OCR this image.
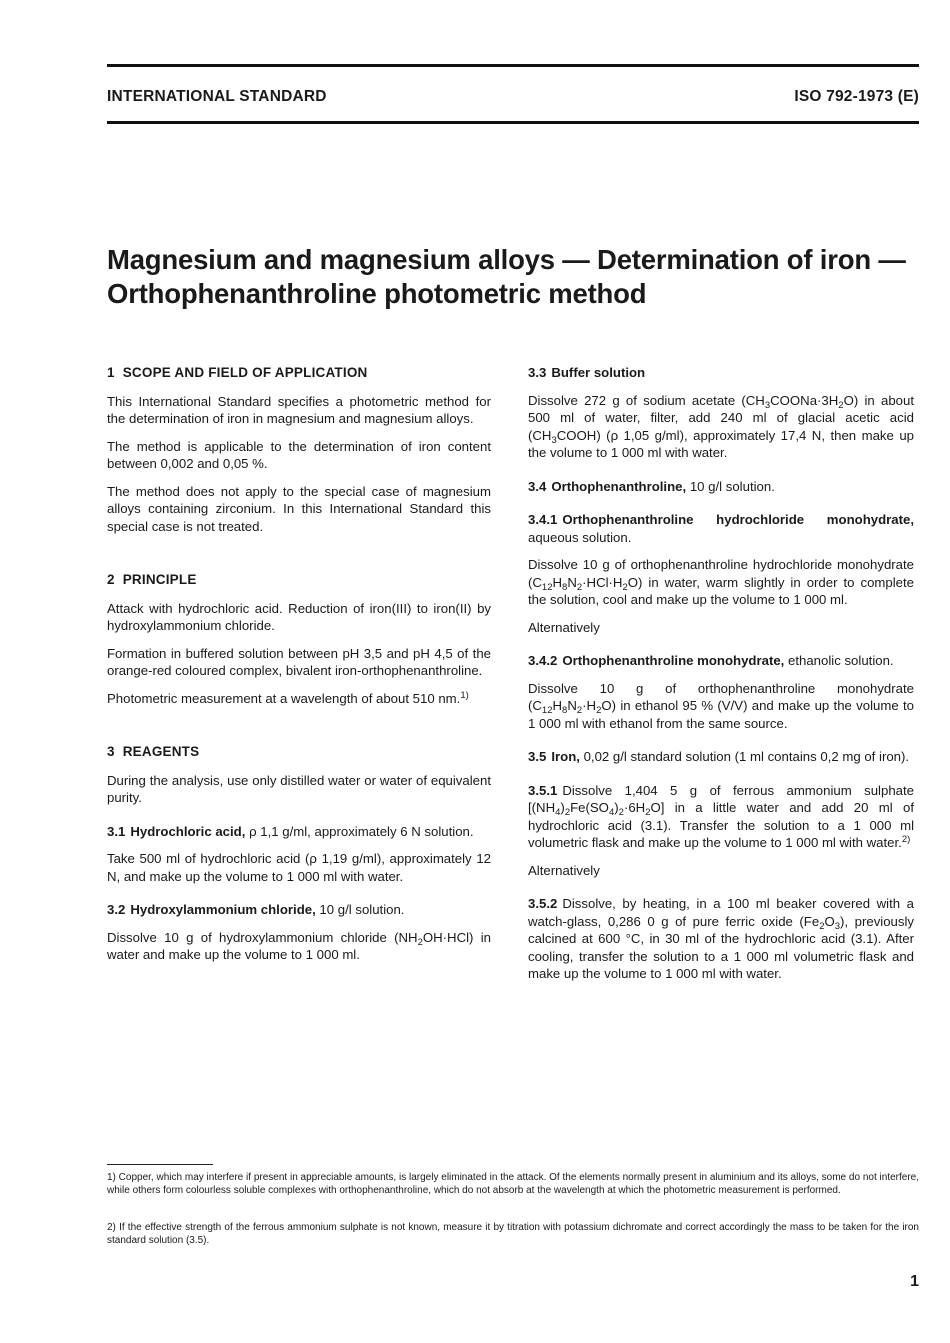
INTERNATIONAL STANDARD	ISO 792-1973 (E)
Magnesium and magnesium alloys — Determination of iron —
Orthophenanthroline photometric method
1 SCOPE AND FIELD OF APPLICATION

This International Standard specifies a photometric method for the determination of iron in magnesium and magnesium alloys.

The method is applicable to the determination of iron content between 0,002 and 0,05 %.

The method does not apply to the special case of magnesium alloys containing zirconium. In this International Standard this special case is not treated.

2 PRINCIPLE

Attack with hydrochloric acid. Reduction of iron(III) to iron(II) by hydroxylammonium chloride.

Formation in buffered solution between pH 3,5 and pH 4,5 of the orange-red coloured complex, bivalent iron-orthophenanthroline.

Photometric measurement at a wavelength of about 510 nm.$^{1)}$

3 REAGENTS

During the analysis, use only distilled water or water of equivalent purity.

3.1 Hydrochloric acid, ρ 1,1 g/ml, approximately 6 N solution.

Take 500 ml of hydrochloric acid (ρ 1,19 g/ml), approximately 12 N, and make up the volume to 1 000 ml with water.

3.2 Hydroxylammonium chloride, 10 g/l solution.

Dissolve 10 g of hydroxylammonium chloride $(NH_2OH\cdot HCl)$ in water and make up the volume to 1 000 ml.

3.3 Buffer solution

Dissolve 272 g of sodium acetate $(CH_3COONa\cdot 3H_2O)$ in about 500 ml of water, filter, add 240 ml of glacial acetic acid $(CH_3COOH)$ (ρ 1,05 g/ml), approximately 17,4 N, then make up the volume to 1 000 ml with water.

3.4 Orthophenanthroline, 10 g/l solution.

3.4.1 Orthophenanthroline hydrochloride monohydrate, aqueous solution.

Dissolve 10 g of orthophenanthroline hydrochloride monohydrate $(C_{12}H_8N_2\cdot HCl\cdot H_2O)$ in water, warm slightly in order to complete the solution, cool and make up the volume to 1 000 ml.

Alternatively

3.4.2 Orthophenanthroline monohydrate, ethanolic solution.

Dissolve 10 g of orthophenanthroline monohydrate $(C_{12}H_8N_2\cdot H_2O)$ in ethanol 95 % (V/V) and make up the volume to 1 000 ml with ethanol from the same source.

3.5 Iron, 0,02 g/l standard solution (1 ml contains 0,2 mg of iron).

3.5.1 Dissolve 1,404 5 g of ferrous ammonium sulphate $[(NH_4)_2Fe(SO_4)_2\cdot 6H_2O]$ in a little water and add 20 ml of hydrochloric acid (3.1). Transfer the solution to a 1 000 ml volumetric flask and make up the volume to 1 000 ml with water.$^{2)}$

Alternatively

3.5.2 Dissolve, by heating, in a 100 ml beaker covered with a watch-glass, 0,286 0 g of pure ferric oxide $(Fe_2O_3)$, previously calcined at 600 °C, in 30 ml of the hydrochloric acid (3.1). After cooling, transfer the solution to a 1 000 ml volumetric flask and make up the volume to 1 000 ml with water.

1) Copper, which may interfere if present in appreciable amounts, is largely eliminated in the attack. Of the elements normally present in aluminium and its alloys, some do not interfere, while others form colourless soluble complexes with orthophenanthroline, which do not absorb at the wavelength at which the photometric measurement is performed.
2) If the effective strength of the ferrous ammonium sulphate is not known, measure it by titration with potassium dichromate and correct accordingly the mass to be taken for the iron standard solution (3.5).
1
